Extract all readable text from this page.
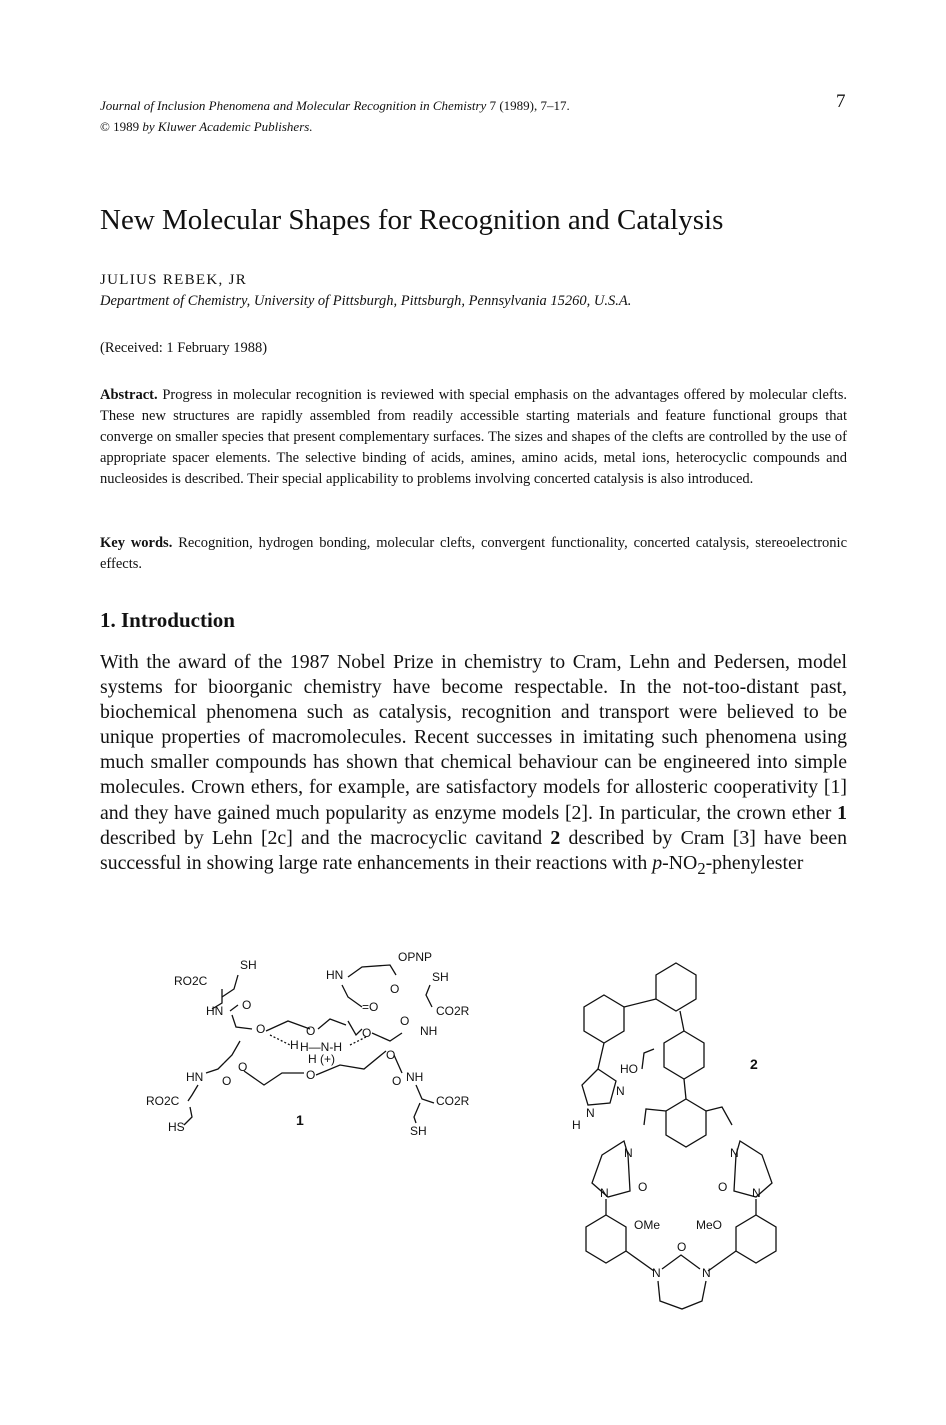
Journal of Inclusion Phenomena and Molecular Recognition in Chemistry 7 (1989), 7–17.
© 1989 by Kluwer Academic Publishers.
7
New Molecular Shapes for Recognition and Catalysis
JULIUS REBEK, JR
Department of Chemistry, University of Pittsburgh, Pittsburgh, Pennsylvania 15260, U.S.A.
(Received: 1 February 1988)

Abstract. Progress in molecular recognition is reviewed with special emphasis on the advantages offered by molecular clefts. These new structures are rapidly assembled from readily accessible starting materials and feature functional groups that converge on smaller species that present complementary surfaces. The sizes and shapes of the clefts are controlled by the use of appropriate spacer elements. The selective binding of acids, amines, amino acids, metal ions, heterocyclic compounds and nucleosides is described. Their special applicability to problems involving concerted catalysis is also introduced.

Key words. Recognition, hydrogen bonding, molecular clefts, convergent functionality, concerted catalysis, stereoelectronic effects.

1. Introduction

With the award of the 1987 Nobel Prize in chemistry to Cram, Lehn and Pedersen, model systems for bioorganic chemistry have become respectable. In the not-too-distant past, biochemical phenomena such as catalysis, recognition and transport were believed to be unique properties of macromolecules. Recent successes in imitating such phenomena using much smaller compounds has shown that chemical behaviour can be engineered into simple molecules. Crown ethers, for example, are satisfactory models for allosteric cooperativity [1] and they have gained much popularity as enzyme models [2]. In particular, the crown ether 1 described by Lehn [2c] and the macrocyclic cavitand 2 described by Cram [3] have been successful in showing large rate enhancements in their reactions with $p-NO_2$-phenylester

SH
RO2C
HN O
O
OPNP
HN
O
SH
CO2R
=O
O	O
O
NH
H H—N-H
H (+)
O
O
O
HN O
RO2C
HS
O NH
CO2R
SH
1
N
N
H
HO	2
N
N O
N
N
O
OMe	MeO
N	N
O
